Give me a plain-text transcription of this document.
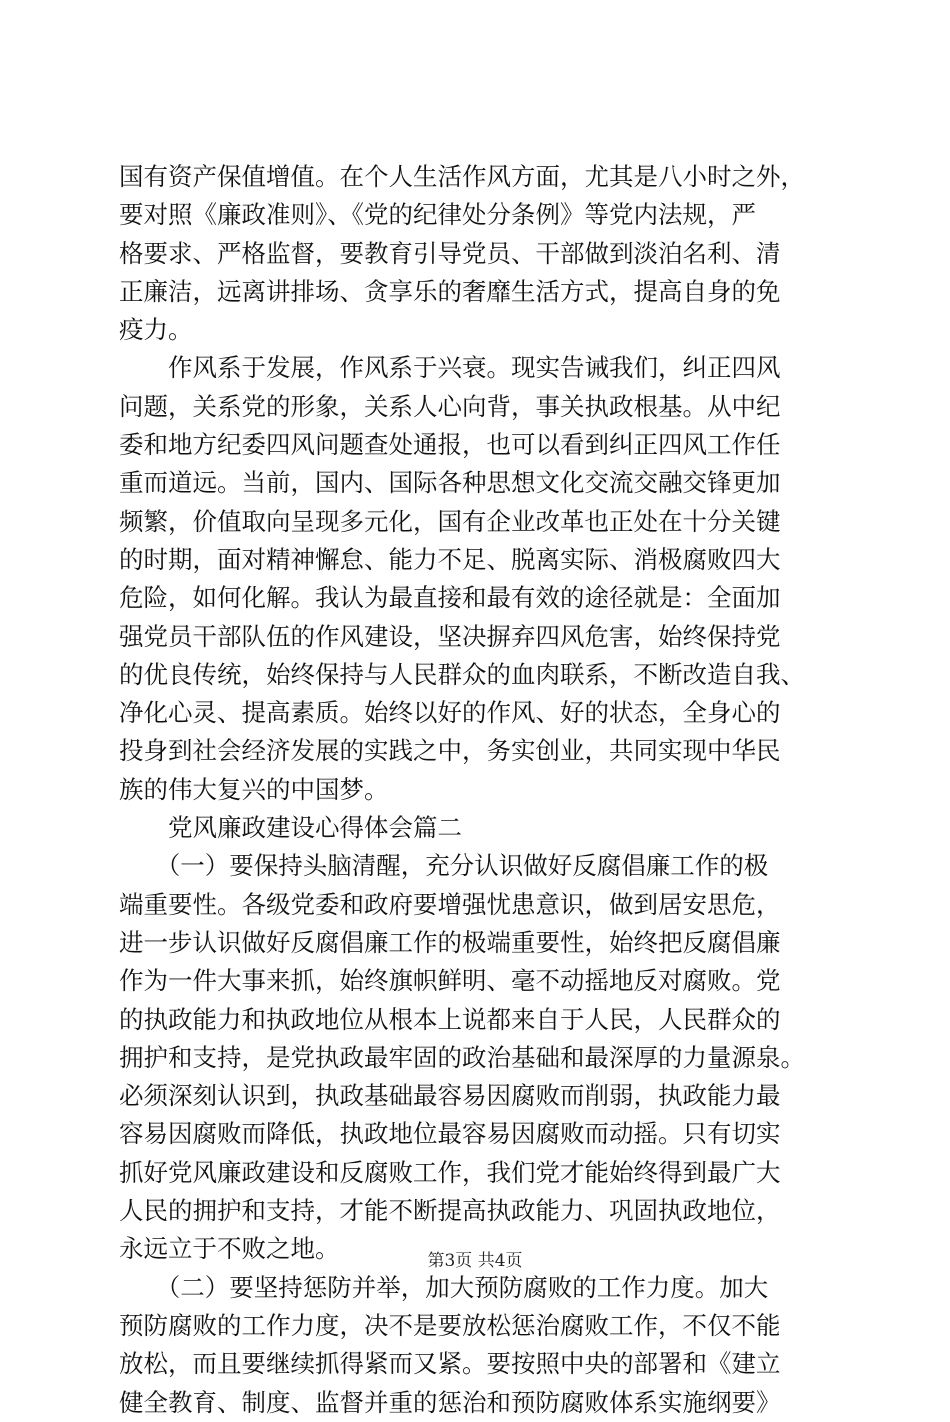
国有资产保值增值。在个人生活作风方面，尤其是八小时之外，
要对照《廉政准则》、《党的纪律处分条例》等党内法规，严
格要求、严格监督，要教育引导党员、干部做到淡泊名利、清
正廉洁，远离讲排场、贪享乐的奢靡生活方式，提高自身的免
疫力。
　　作风系于发展，作风系于兴衰。现实告诫我们，纠正四风
问题，关系党的形象，关系人心向背，事关执政根基。从中纪
委和地方纪委四风问题查处通报，也可以看到纠正四风工作任
重而道远。当前，国内、国际各种思想文化交流交融交锋更加
频繁，价值取向呈现多元化，国有企业改革也正处在十分关键
的时期，面对精神懈怠、能力不足、脱离实际、消极腐败四大
危险，如何化解。我认为最直接和最有效的途径就是：全面加
强党员干部队伍的作风建设，坚决摒弃四风危害，始终保持党
的优良传统，始终保持与人民群众的血肉联系，不断改造自我、
净化心灵、提高素质。始终以好的作风、好的状态，全身心的
投身到社会经济发展的实践之中，务实创业，共同实现中华民
族的伟大复兴的中国梦。
　　党风廉政建设心得体会篇二
　　（一）要保持头脑清醒，充分认识做好反腐倡廉工作的极
端重要性。各级党委和政府要增强忧患意识，做到居安思危，
进一步认识做好反腐倡廉工作的极端重要性，始终把反腐倡廉
作为一件大事来抓，始终旗帜鲜明、毫不动摇地反对腐败。党
的执政能力和执政地位从根本上说都来自于人民，人民群众的
拥护和支持，是党执政最牢固的政治基础和最深厚的力量源泉。
必须深刻认识到，执政基础最容易因腐败而削弱，执政能力最
容易因腐败而降低，执政地位最容易因腐败而动摇。只有切实
抓好党风廉政建设和反腐败工作，我们党才能始终得到最广大
人民的拥护和支持，才能不断提高执政能力、巩固执政地位，
永远立于不败之地。
　　（二）要坚持惩防并举，加大预防腐败的工作力度。加大
预防腐败的工作力度，决不是要放松惩治腐败工作，不仅不能
放松，而且要继续抓得紧而又紧。要按照中央的部署和《建立
健全教育、制度、监督并重的惩治和预防腐败体系实施纲要》
第3页 共4页
